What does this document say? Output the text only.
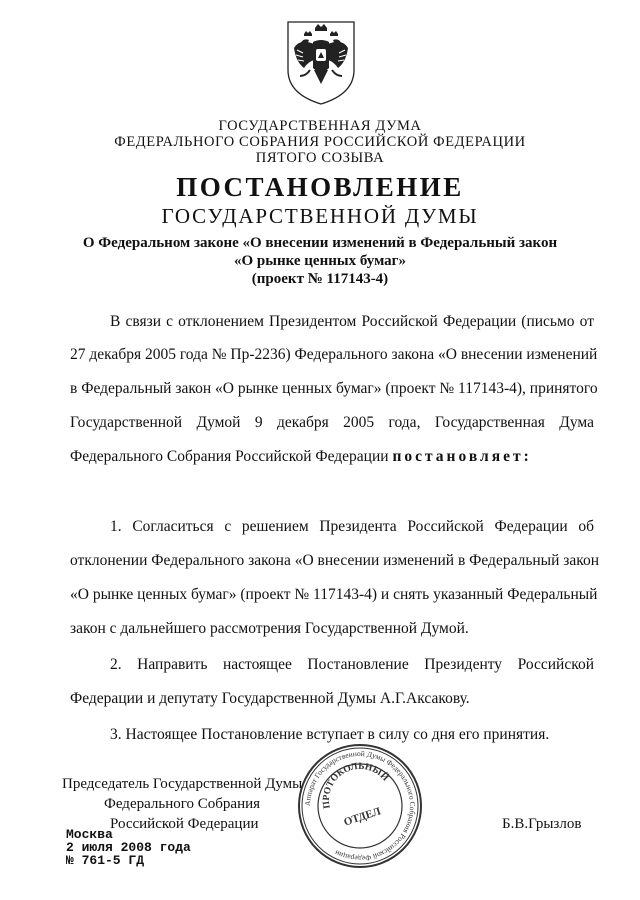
ГОСУДАРСТВЕННАЯ ДУМА
ФЕДЕРАЛЬНОГО СОБРАНИЯ РОССИЙСКОЙ ФЕДЕРАЦИИ
ПЯТОГО СОЗЫВА
ПОСТАНОВЛЕНИЕ
ГОСУДАРСТВЕННОЙ ДУМЫ
О Федеральном законе «О внесении изменений в Федеральный закон
«О рынке ценных бумаг»
(проект № 117143-4)
В связи с отклонением Президентом Российской Федерации (письмо от
27 декабря 2005 года № Пр-2236) Федерального закона «О внесении изменений
в Федеральный закон «О рынке ценных бумаг» (проект № 117143-4), принятого
Государственной Думой 9 декабря 2005 года, Государственная Дума
Федерального Собрания Российской Федерации постановляет:
1. Согласиться с решением Президента Российской Федерации об
отклонении Федерального закона «О внесении изменений в Федеральный закон
«О рынке ценных бумаг» (проект № 117143-4) и снять указанный Федеральный
закон с дальнейшего рассмотрения Государственной Думой.
2. Направить настоящее Постановление Президенту Российской
Федерации и депутату Государственной Думы А.Г.Аксакову.
3. Настоящее Постановление вступает в силу со дня его принятия.
Председатель Государственной Думы
Федерального Собрания
Российской Федерации	Б.В.Грызлов
Аппарат Государственной Думы Федерального Собрания Российской Федерации
ПРОТОКОЛЬНЫЙ
ОТДЕЛ
Москва
2 июля 2008 года
№ 761-5 ГД
